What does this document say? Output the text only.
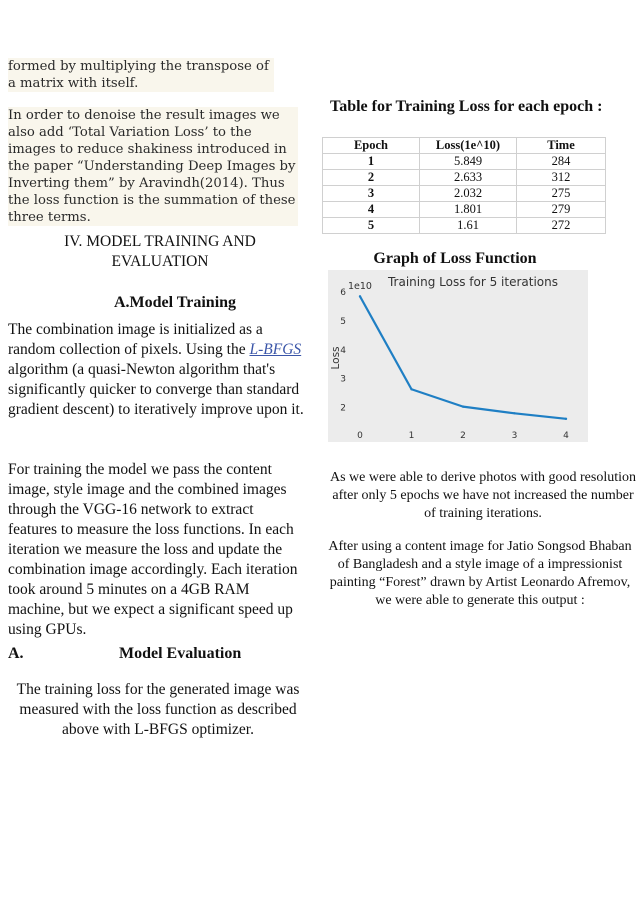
formed by multiplying the transpose of a matrix with itself.
In order to denoise the result images we also add ‘Total Variation Loss’ to the images to reduce shakiness introduced in the paper “Understanding Deep Images by Inverting them” by Aravindh(2014). Thus the loss function is the summation of these three terms.
IV. MODEL TRAINING AND
EVALUATION
A.Model Training
The combination image is initialized as a random collection of pixels. Using the L-BFGS algorithm (a quasi-Newton algorithm that's significantly quicker to converge than standard gradient descent) to iteratively improve upon it.
For training the model we pass the content image, style image and the combined images through the VGG-16 network to extract features to measure the loss functions. In each iteration we measure the loss and update the combination image accordingly. Each iteration took around 5 minutes on a 4GB RAM machine, but we expect a significant speed up using GPUs.
A.	Model Evaluation
The training loss for the generated image was measured with the loss function as described above with L-BFGS optimizer.
Table for Training Loss for each epoch :
Epoch	Loss(1e^10)	Time
1	5.849	284
2	2.633	312
3	2.032	275
4	1.801	279
5	1.61	272
Graph of Loss Function
Training Loss for 5 iterations
1e10
Loss
2
3
4
5
6
0	1	2	3	4
As we were able to derive photos with good resolution after only 5 epochs we have not increased the number of training iterations.
After using a content image for Jatio Songsod Bhaban of Bangladesh and a style image of a impressionist painting “Forest” drawn by Artist Leonardo Afremov, we were able to generate this output :
